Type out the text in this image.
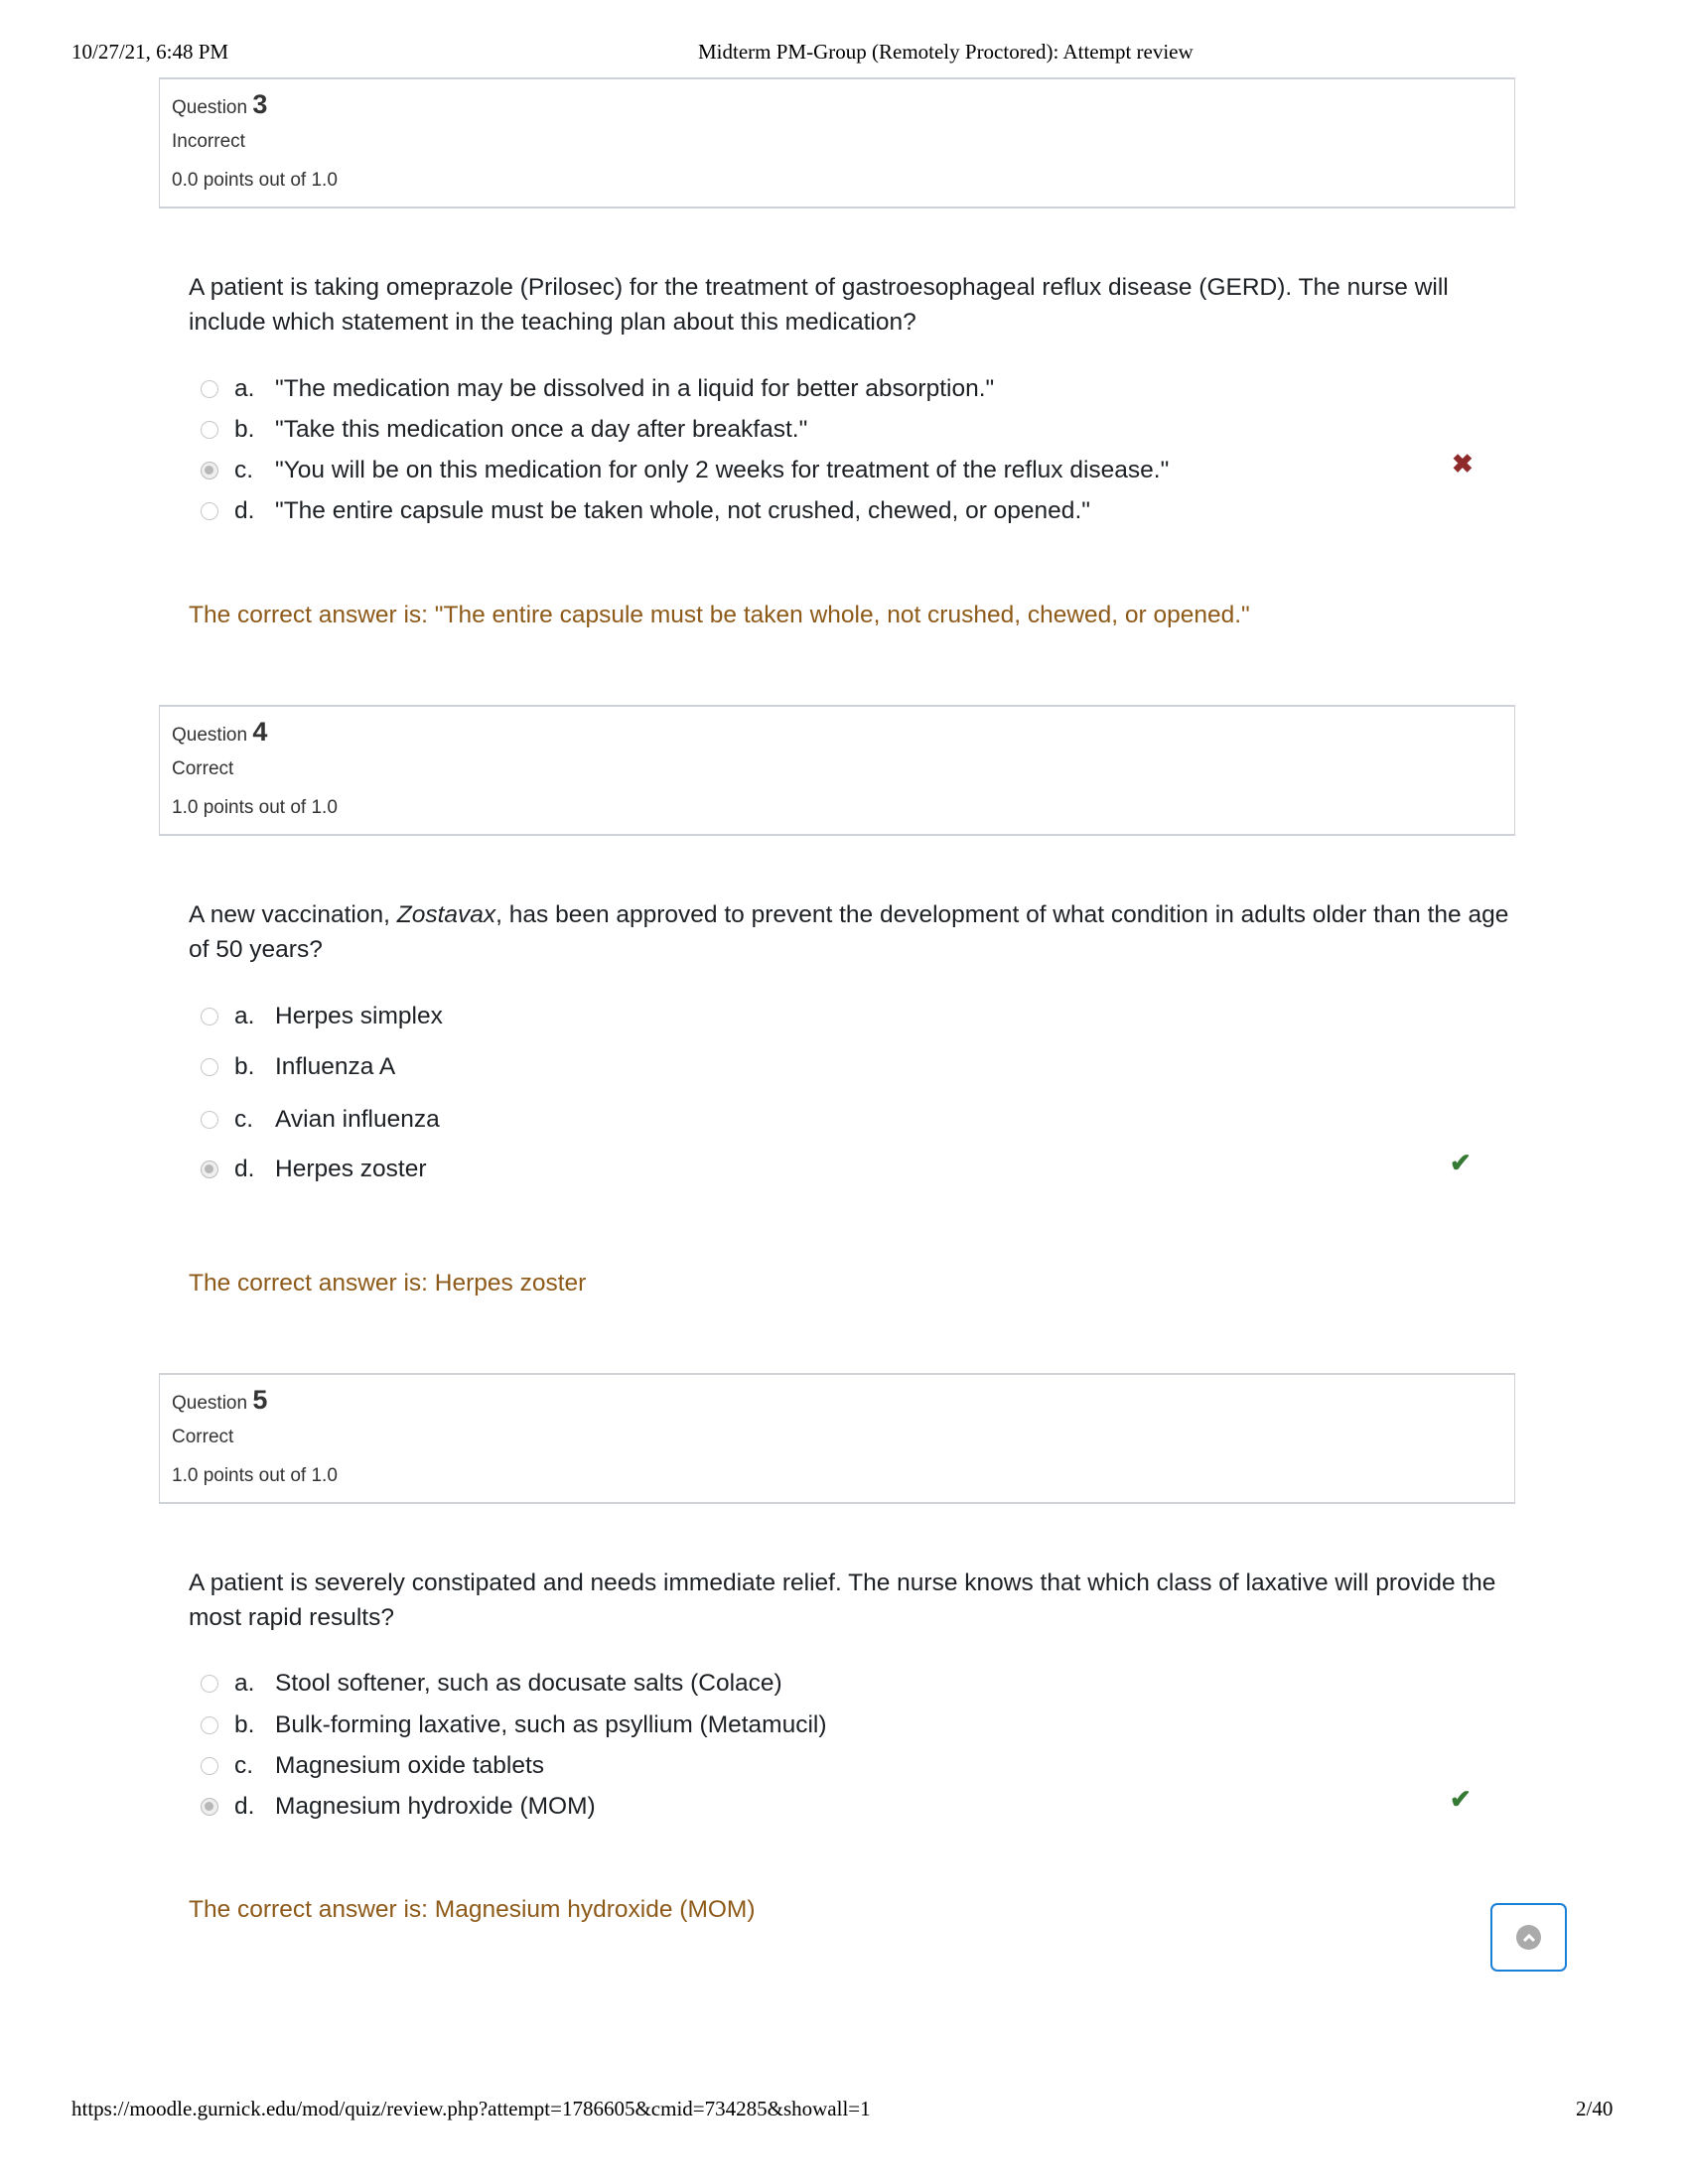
10/27/21, 6:48 PM	Midterm PM-Group (Remotely Proctored): Attempt review
Question 3
Incorrect
0.0 points out of 1.0
A patient is taking omeprazole (Prilosec) for the treatment of gastroesophageal reflux disease (GERD). The nurse will include which statement in the teaching plan about this medication?
a. "The medication may be dissolved in a liquid for better absorption."
b. "Take this medication once a day after breakfast."
c. "You will be on this medication for only 2 weeks for treatment of the reflux disease."
d. "The entire capsule must be taken whole, not crushed, chewed, or opened."
✖
The correct answer is: "The entire capsule must be taken whole, not crushed, chewed, or opened."
Question 4
Correct
1.0 points out of 1.0
A new vaccination, Zostavax, has been approved to prevent the development of what condition in adults older than the age of 50 years?
a. Herpes simplex
b. Influenza A
c. Avian influenza
d. Herpes zoster	✔
The correct answer is: Herpes zoster
Question 5
Correct
1.0 points out of 1.0
A patient is severely constipated and needs immediate relief. The nurse knows that which class of laxative will provide the most rapid results?
a. Stool softener, such as docusate salts (Colace)
b. Bulk-forming laxative, such as psyllium (Metamucil)
c. Magnesium oxide tablets
d. Magnesium hydroxide (MOM)	✔
The correct answer is: Magnesium hydroxide (MOM)
https://moodle.gurnick.edu/mod/quiz/review.php?attempt=1786605&cmid=734285&showall=1	2/40
